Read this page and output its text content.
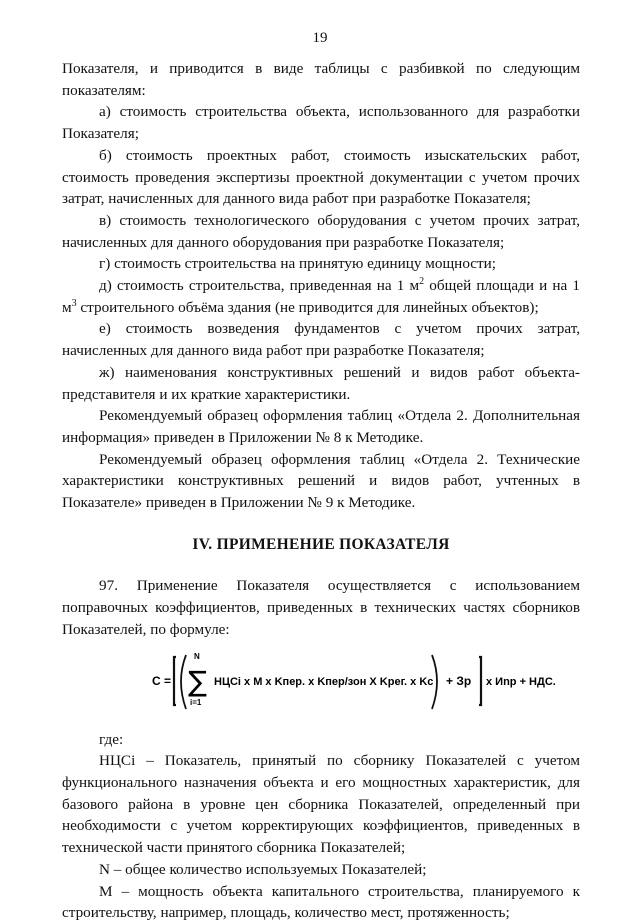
19

Показателя, и приводится в виде таблицы с разбивкой по следующим показателям:

а) стоимость строительства объекта, использованного для разработки Показателя;

б) стоимость проектных работ, стоимость изыскательских работ, стоимость проведения экспертизы проектной документации с учетом прочих затрат, начисленных для данного вида работ при разработке Показателя;

в) стоимость технологического оборудования с учетом прочих затрат, начисленных для данного оборудования при разработке Показателя;

г) стоимость строительства на принятую единицу мощности;

д) стоимость строительства, приведенная на 1 $м^2$ общей площади и на 1 $м^3$ строительного объёма здания (не приводится для линейных объектов);

е) стоимость возведения фундаментов с учетом прочих затрат, начисленных для данного вида работ при разработке Показателя;

ж) наименования конструктивных решений и видов работ объекта-представителя и их краткие характеристики.

Рекомендуемый образец оформления таблиц «Отдела 2. Дополнительная информация» приведен в Приложении № 8 к Методике.

Рекомендуемый образец оформления таблиц «Отдела 2. Технические характеристики конструктивных решений и видов работ, учтенных в Показателе» приведен в Приложении № 9 к Методике.

IV. ПРИМЕНЕНИЕ ПОКАЗАТЕЛЯ

97. Применение Показателя осуществляется с использованием поправочных коэффициентов, приведенных в технических частях сборников Показателей, по формуле:

С =
N
∑
i=1
НЦСi x M x Kпер. x Kпер/зон X Kрег. x Kc + Зр x Иnp + НДС.

где:

НЦСi – Показатель, принятый по сборнику Показателей с учетом функционального назначения объекта и его мощностных характеристик, для базового района в уровне цен сборника Показателей, определенный при необходимости с учетом корректирующих коэффициентов, приведенных в технической части принятого сборника Показателей;

N – общее количество используемых Показателей;

М – мощность объекта капитального строительства, планируемого к строительству, например, площадь, количество мест, протяженность;
